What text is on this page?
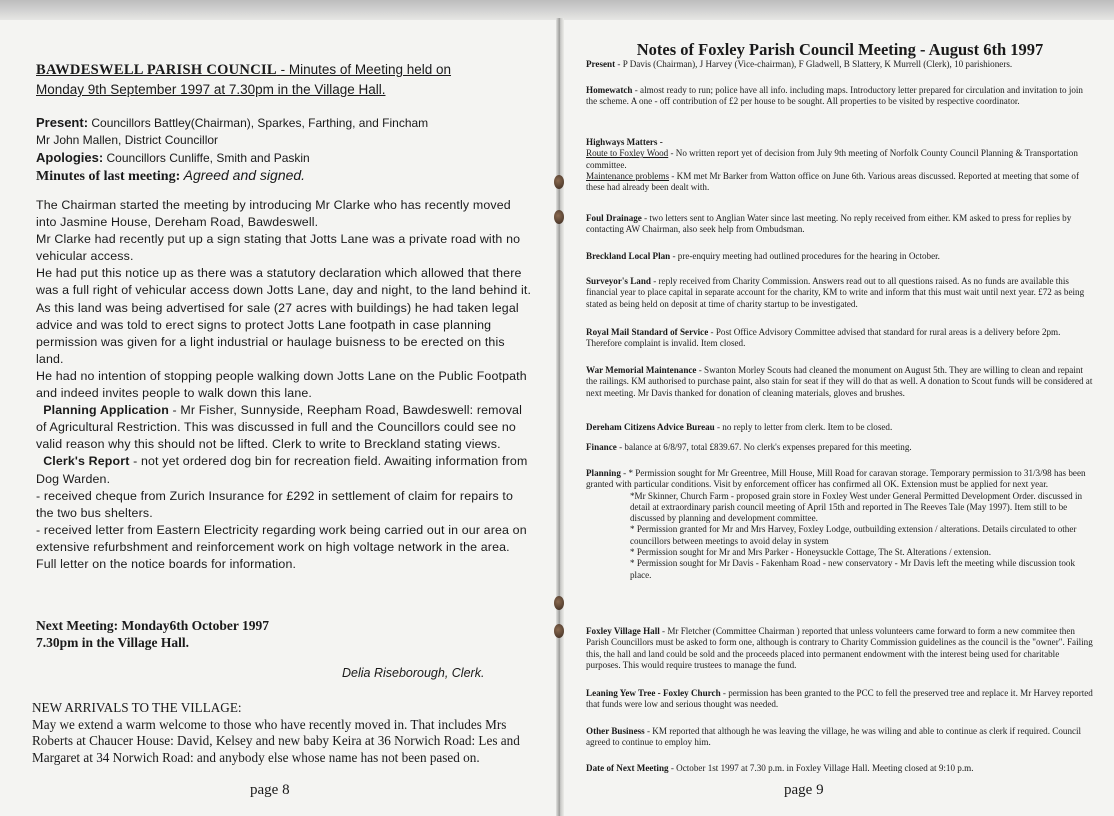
BAWDESWELL PARISH COUNCIL - Minutes of Meeting held on
Monday 9th September 1997 at 7.30pm in the Village Hall.
Present: Councillors Battley(Chairman), Sparkes, Farthing, and Fincham
Mr John Mallen, District Councillor
Apologies: Councillors Cunliffe, Smith and Paskin
Minutes of last meeting: Agreed and signed.

The Chairman started the meeting by introducing Mr Clarke who has recently moved into Jasmine House, Dereham Road, Bawdeswell.

Mr Clarke had recently put up a sign stating that Jotts Lane was a private road with no vehicular access.

He had put this notice up as there was a statutory declaration which allowed that there was a full right of vehicular access down Jotts Lane, day and night, to the land behind it.

As this land was being advertised for sale (27 acres with buildings) he had taken legal advice and was told to erect signs to protect Jotts Lane footpath in case planning permission was given for a light industrial or haulage buisness to be erected on this land.

He had no intention of stopping people walking down Jotts Lane on the Public Footpath and indeed invites people to walk down this lane.

Planning Application - Mr Fisher, Sunnyside, Reepham Road, Bawdeswell: removal of Agricultural Restriction. This was discussed in full and the Councillors could see no valid reason why this should not be lifted. Clerk to write to Breckland stating views.

Clerk's Report - not yet ordered dog bin for recreation field. Awaiting information from Dog Warden.

- received cheque from Zurich Insurance for £292 in settlement of claim for repairs to the two bus shelters.

- received letter from Eastern Electricity regarding work being carried out in our area on extensive refurbshment and reinforcement work on high voltage network in the area. Full letter on the notice boards for information.

Next Meeting: Monday6th October 1997
7.30pm in the Village Hall.
Delia Riseborough, Clerk.
NEW ARRIVALS TO THE VILLAGE:
May we extend a warm welcome to those who have recently moved in. That includes Mrs Roberts at Chaucer House: David, Kelsey and new baby Keira at 36 Norwich Road: Les and Margaret at 34 Norwich Road: and anybody else whose name has not been pased on.
page 8
Notes of Foxley Parish Council Meeting - August 6th 1997
Present - P Davis (Chairman), J Harvey (Vice-chairman), F Gladwell, B Slattery, K Murrell (Clerk), 10 parishioners.
Homewatch - almost ready to run; police have all info. including maps. Introductory letter prepared for circulation and invitation to join the scheme. A one - off contribution of £2 per house to be sought. All properties to be visited by respective coordinator.
Highways Matters -
Route to Foxley Wood - No written report yet of decision from July 9th meeting of Norfolk County Council Planning & Transportation committee.
Maintenance problems - KM met Mr Barker from Watton office on June 6th. Various areas discussed. Reported at meeting that some of these had already been dealt with.
Foul Drainage - two letters sent to Anglian Water since last meeting. No reply received from either. KM asked to press for replies by contacting AW Chairman, also seek help from Ombudsman.
Breckland Local Plan - pre-enquiry meeting had outlined procedures for the hearing in October.
Surveyor's Land - reply received from Charity Commission. Answers read out to all questions raised. As no funds are available this financial year to place capital in separate account for the charity, KM to write and inform that this must wait until next year. £72 as being stated as being held on deposit at time of charity startup to be investigated.
Royal Mail Standard of Service - Post Office Advisory Committee advised that standard for rural areas is a delivery before 2pm. Therefore complaint is invalid. Item closed.
War Memorial Maintenance - Swanton Morley Scouts had cleaned the monument on August 5th. They are willing to clean and repaint the railings. KM authorised to purchase paint, also stain for seat if they will do that as well. A donation to Scout funds will be considered at next meeting. Mr Davis thanked for donation of cleaning materials, gloves and brushes.
Dereham Citizens Advice Bureau - no reply to letter from clerk. Item to be closed.
Finance - balance at 6/8/97, total £839.67. No clerk's expenses prepared for this meeting.
Planning - * Permission sought for Mr Greentree, Mill House, Mill Road for caravan storage. Temporary permission to 31/3/98 has been granted with particular conditions. Visit by enforcement officer has confirmed all OK. Extension must be applied for next year.
*Mr Skinner, Church Farm - proposed grain store in Foxley West under General Permitted Development Order. discussed in detail at extraordinary parish council meeting of April 15th and reported in The Reeves Tale (May 1997). Item still to be discussed by planning and development committee.
* Permission granted for Mr and Mrs Harvey, Foxley Lodge, outbuilding extension / alterations. Details circulated to other councillors between meetings to avoid delay in system
* Permission sought for Mr and Mrs Parker - Honeysuckle Cottage, The St. Alterations / extension.
* Permission sought for Mr Davis - Fakenham Road - new conservatory - Mr Davis left the meeting while discussion took place.
Foxley Village Hall - Mr Fletcher (Committee Chairman ) reported that unless volunteers came forward to form a new commitee then Parish Councillors must be asked to form one, although is contrary to Charity Commission guidelines as the council is the "owner". Failing this, the hall and land could be sold and the proceeds placed into permanent endowment with the interest being used for charitable purposes. This would require trustees to manage the fund.
Leaning Yew Tree - Foxley Church - permission has been granted to the PCC to fell the preserved tree and replace it. Mr Harvey reported that funds were low and serious thought was needed.
Other Business - KM reported that although he was leaving the village, he was wiling and able to continue as clerk if required. Council agreed to continue to employ him.
Date of Next Meeting - October 1st 1997 at 7.30 p.m. in Foxley Village Hall. Meeting closed at 9:10 p.m.
page 9
